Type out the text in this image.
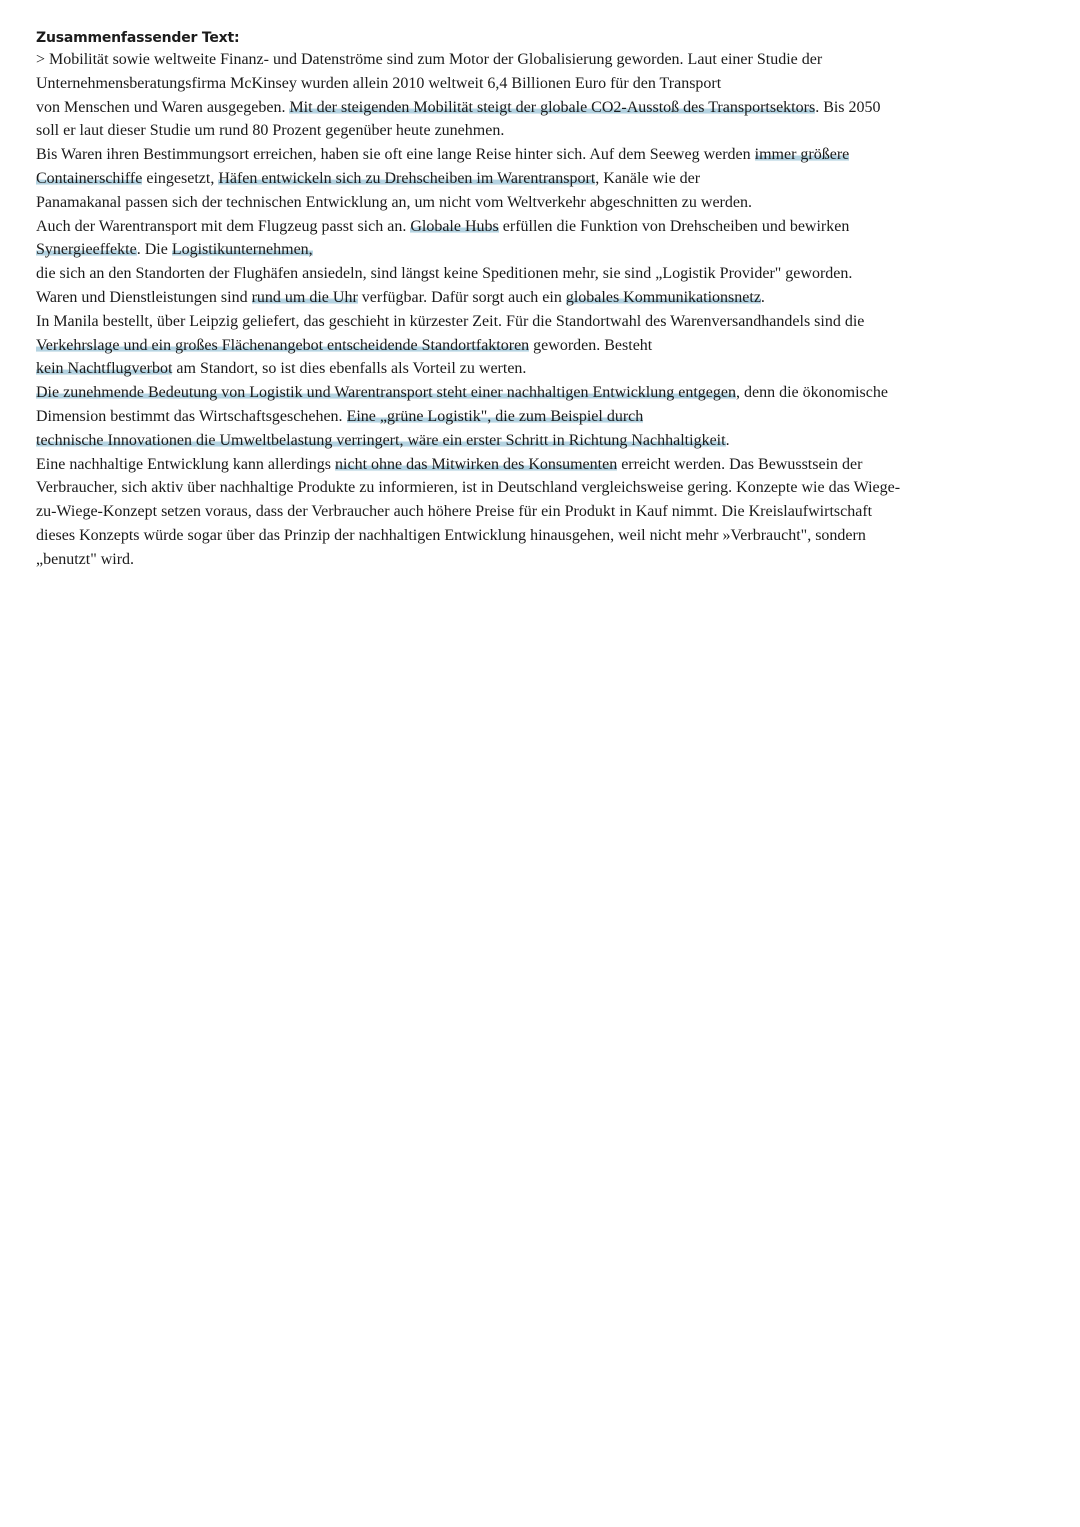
Zusammenfassender Text:
> Mobilität sowie weltweite Finanz- und Datenströme sind zum Motor der Globalisierung geworden. Laut einer Studie der
Unternehmensberatungsfirma McKinsey wurden allein 2010 weltweit 6,4 Billionen Euro für den Transport
von Menschen und Waren ausgegeben. Mit der steigenden Mobilität steigt der globale CO2-Ausstoß des Transportsektors. Bis 2050
soll er laut dieser Studie um rund 80 Prozent gegenüber heute zunehmen.
Bis Waren ihren Bestimmungsort erreichen, haben sie oft eine lange Reise hinter sich. Auf dem Seeweg werden immer größere
Containerschiffe eingesetzt, Häfen entwickeln sich zu Drehscheiben im Warentransport, Kanäle wie der
Panamakanal passen sich der technischen Entwicklung an, um nicht vom Weltverkehr abgeschnitten zu werden.
Auch der Warentransport mit dem Flugzeug passt sich an. Globale Hubs erfüllen die Funktion von Drehscheiben und bewirken
Synergieeffekte. Die Logistikunternehmen,
die sich an den Standorten der Flughäfen ansiedeln, sind längst keine Speditionen mehr, sie sind „Logistik Provider" geworden.
Waren und Dienstleistungen sind rund um die Uhr verfügbar. Dafür sorgt auch ein globales Kommunikationsnetz.
In Manila bestellt, über Leipzig geliefert, das geschieht in kürzester Zeit. Für die Standortwahl des Warenversandhandels sind die
Verkehrslage und ein großes Flächenangebot entscheidende Standortfaktoren geworden. Besteht
kein Nachtflugverbot am Standort, so ist dies ebenfalls als Vorteil zu werten.
Die zunehmende Bedeutung von Logistik und Warentransport steht einer nachhaltigen Entwicklung entgegen, denn die ökonomische
Dimension bestimmt das Wirtschaftsgeschehen. Eine „grüne Logistik", die zum Beispiel durch
technische Innovationen die Umweltbelastung verringert, wäre ein erster Schritt in Richtung Nachhaltigkeit.
Eine nachhaltige Entwicklung kann allerdings nicht ohne das Mitwirken des Konsumenten erreicht werden. Das Bewusstsein der
Verbraucher, sich aktiv über nachhaltige Produkte zu informieren, ist in Deutschland vergleichsweise gering. Konzepte wie das Wiege-
zu-Wiege-Konzept setzen voraus, dass der Verbraucher auch höhere Preise für ein Produkt in Kauf nimmt. Die Kreislaufwirtschaft
dieses Konzepts würde sogar über das Prinzip der nachhaltigen Entwicklung hinausgehen, weil nicht mehr »Verbraucht", sondern
„benutzt" wird.
